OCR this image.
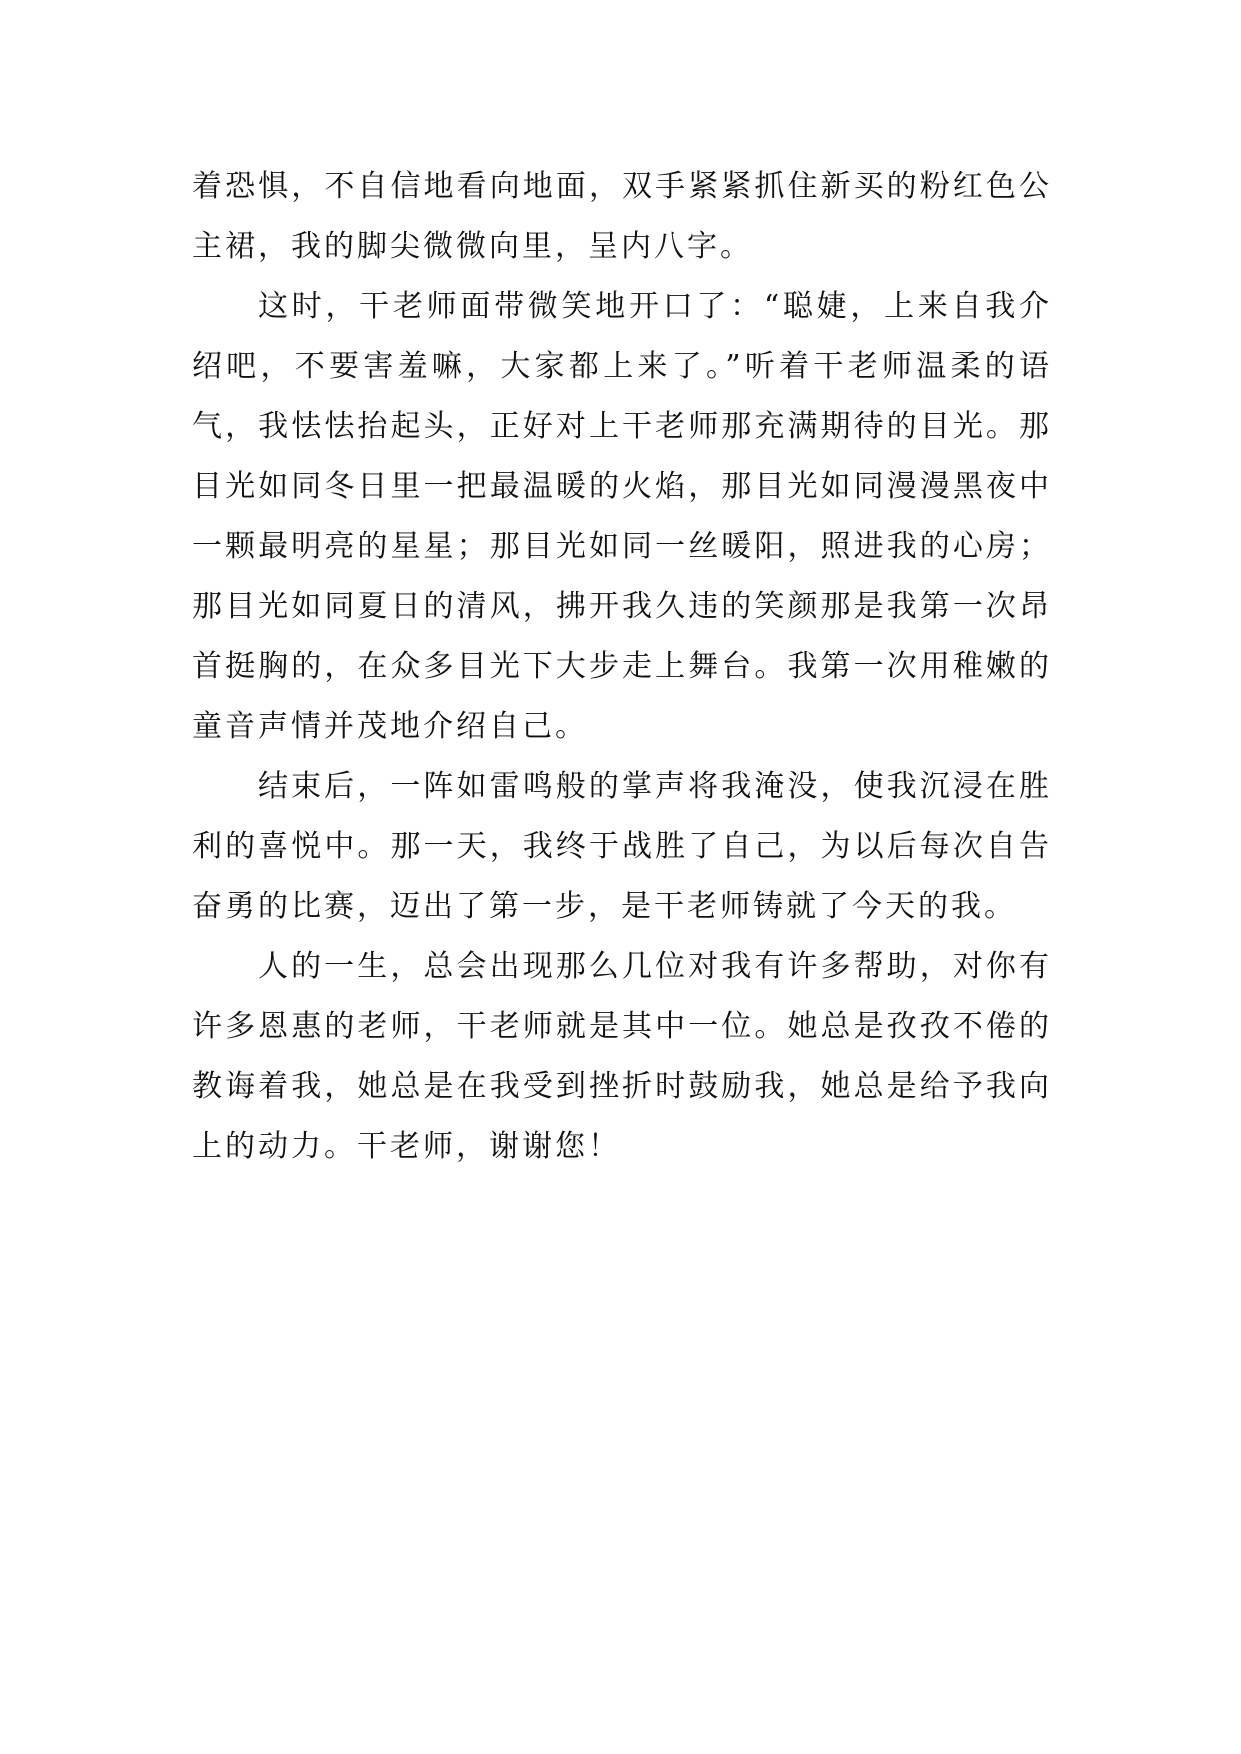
着恐惧，不自信地看向地面，双手紧紧抓住新买的粉红色公主裙，我的脚尖微微向里，呈内八字。

这时，干老师面带微笑地开口了：“聪婕，上来自我介绍吧，不要害羞嘛，大家都上来了。”听着干老师温柔的语气，我怯怯抬起头，正好对上干老师那充满期待的目光。那目光如同冬日里一把最温暖的火焰，那目光如同漫漫黑夜中一颗最明亮的星星；那目光如同一丝暖阳，照进我的心房；那目光如同夏日的清风，拂开我久违的笑颜那是我第一次昂首挺胸的，在众多目光下大步走上舞台。我第一次用稚嫩的童音声情并茂地介绍自己。

结束后，一阵如雷鸣般的掌声将我淹没，使我沉浸在胜利的喜悦中。那一天，我终于战胜了自己，为以后每次自告奋勇的比赛，迈出了第一步，是干老师铸就了今天的我。

人的一生，总会出现那么几位对我有许多帮助，对你有许多恩惠的老师，干老师就是其中一位。她总是孜孜不倦的教诲着我，她总是在我受到挫折时鼓励我，她总是给予我向上的动力。干老师，谢谢您！
